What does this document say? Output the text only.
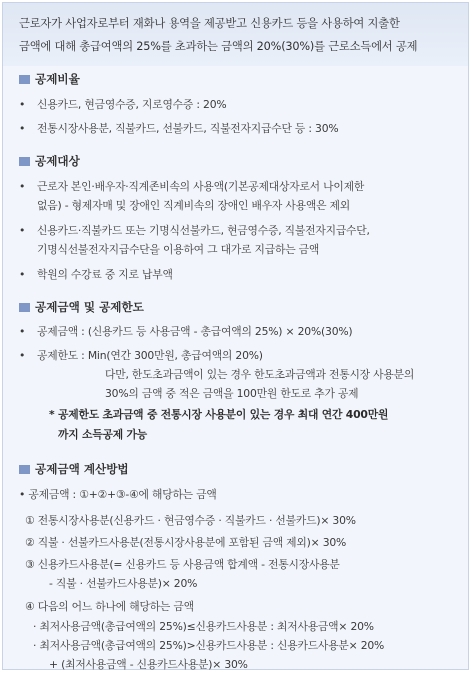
근로자가 사업자로부터 재화나 용역을 제공받고 신용카드 등을 사용하여 지출한
금액에 대해 총급여액의 25%를 초과하는 금액의 20%(30%)를 근로소득에서 공제
공제비율
• 신용카드, 현금영수증, 지로영수증 : 20%
• 전통시장사용분, 직불카드, 선불카드, 직불전자지급수단 등 : 30%
공제대상
• 근로자 본인·배우자·직계존비속의 사용액(기본공제대상자로서 나이제한
없음) - 형제자매 및 장애인 직계비속의 장애인 배우자 사용액은 제외
• 신용카드·직불카드 또는 기명식선불카드, 현금영수증, 직불전자지급수단,
기명식선불전자지급수단을 이용하여 그 대가로 지급하는 금액
• 학원의 수강료 중 지로 납부액
공제금액 및 공제한도
• 공제금액 : (신용카드 등 사용금액 - 총급여액의 25%) × 20%(30%)
• 공제한도 : Min(연간 300만원, 총급여액의 20%)
다만, 한도초과금액이 있는 경우 한도초과금액과 전통시장 사용분의
30%의 금액 중 적은 금액을 100만원 한도로 추가 공제
* 공제한도 초과금액 중 전통시장 사용분이 있는 경우 최대 연간 400만원
까지 소득공제 가능
공제금액 계산방법
• 공제금액 : ①+②+③-④에 해당하는 금액
① 전통시장사용분(신용카드 · 현금영수증 · 직불카드 · 선불카드)× 30%
② 직불 · 선불카드사용분(전통시장사용분에 포함된 금액 제외)× 30%
③ 신용카드사용분(= 신용카드 등 사용금액 합계액 - 전통시장사용분
- 직불 · 선불카드사용분)× 20%
④ 다음의 어느 하나에 해당하는 금액
· 최저사용금액(총급여액의 25%)≤신용카드사용분 : 최저사용금액× 20%
· 최저사용금액(총급여액의 25%)>신용카드사용분 : 신용카드사용분× 20%
+ (최저사용금액 - 신용카드사용분)× 30%
